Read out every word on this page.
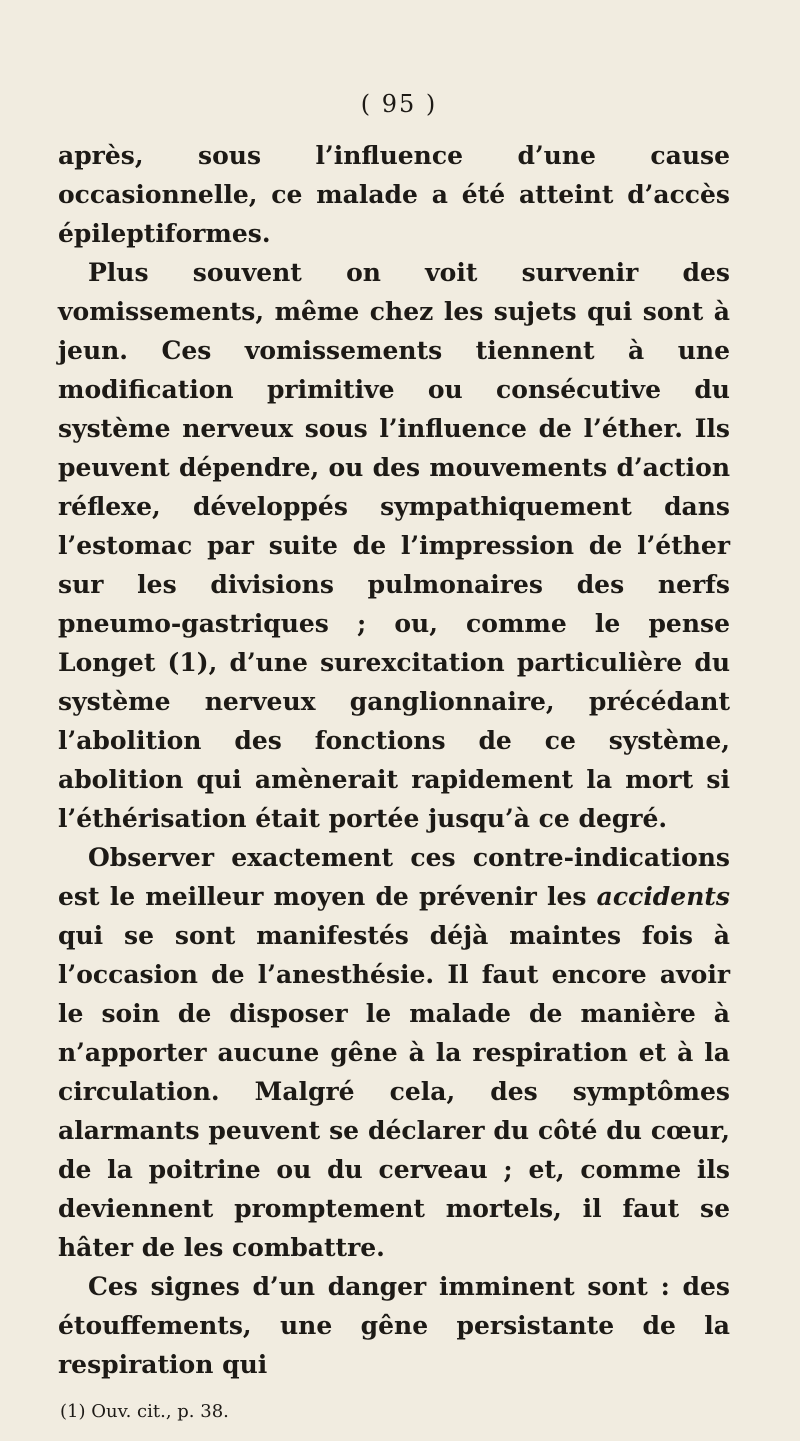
( 95 )

après, sous l’influence d’une cause occasionnelle, ce malade a été atteint d’accès épileptiformes.

Plus souvent on voit survenir des vomissements, même chez les sujets qui sont à jeun. Ces vomissements tiennent à une modification primitive ou consécutive du système nerveux sous l’influence de l’éther. Ils peuvent dépendre, ou des mouvements d’action réflexe, développés sympathiquement dans l’estomac par suite de l’impression de l’éther sur les divisions pulmonaires des nerfs pneumo-gastriques ; ou, comme le pense Longet (1), d’une surexcitation particulière du système nerveux ganglionnaire, précédant l’abolition des fonctions de ce système, abolition qui amènerait rapidement la mort si l’éthérisation était portée jusqu’à ce degré.

Observer exactement ces contre-indications est le meilleur moyen de prévenir les accidents qui se sont manifestés déjà maintes fois à l’occasion de l’anesthésie. Il faut encore avoir le soin de disposer le malade de manière à n’apporter aucune gêne à la respiration et à la circulation. Malgré cela, des symptômes alarmants peuvent se déclarer du côté du cœur, de la poitrine ou du cerveau ; et, comme ils deviennent promptement mortels, il faut se hâter de les combattre.

Ces signes d’un danger imminent sont : des étouffements, une gêne persistante de la respiration qui

(1) Ouv. cit., p. 38.
